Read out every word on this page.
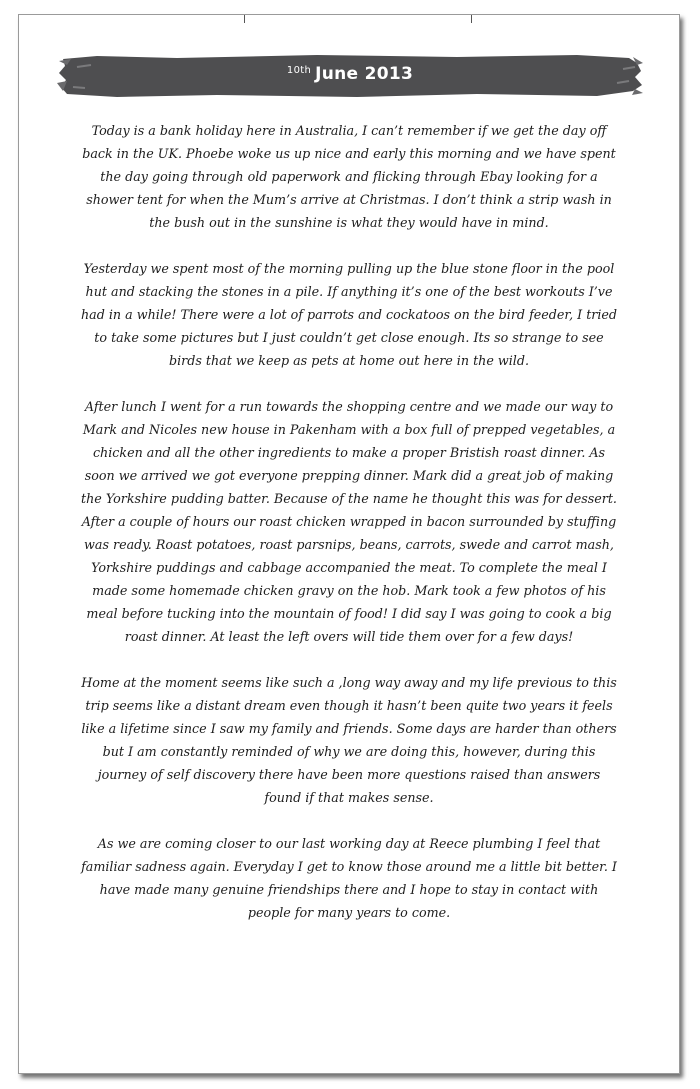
$^{10th}$ June 2013

Today is a bank holiday here in Australia, I can’t remember if we get the day off back in the UK. Phoebe woke us up nice and early this morning and we have spent the day going through old paperwork and flicking through Ebay looking for a shower tent for when the Mum’s arrive at Christmas. I don’t think a strip wash in the bush out in the sunshine is what they would have in mind.

Yesterday we spent most of the morning pulling up the blue stone floor in the pool hut and stacking the stones in a pile. If anything it’s one of the best workouts I’ve had in a while! There were a lot of parrots and cockatoos on the bird feeder, I tried to take some pictures but I just couldn’t get close enough. Its so strange to see birds that we keep as pets at home out here in the wild.

After lunch I went for a run towards the shopping centre and we made our way to Mark and Nicoles new house in Pakenham with a box full of prepped vegetables, a chicken and all the other ingredients to make a proper Bristish roast dinner. As soon we arrived we got everyone prepping dinner. Mark did a great job of making the Yorkshire pudding batter. Because of the name he thought this was for dessert. After a couple of hours our roast chicken wrapped in bacon surrounded by stuffing was ready. Roast potatoes, roast parsnips, beans, carrots, swede and carrot mash, Yorkshire puddings and cabbage accompanied the meat. To complete the meal I made some homemade chicken gravy on the hob. Mark took a few photos of his meal before tucking into the mountain of food! I did say I was going to cook a big roast dinner. At least the left overs will tide them over for a few days!

Home at the moment seems like such a ,long way away and my life previous to this trip seems like a distant dream even though it hasn’t been quite two years it feels like a lifetime since I saw my family and friends. Some days are harder than others but I am constantly reminded of why we are doing this, however, during this journey of self discovery there have been more questions raised than answers found if that makes sense.

As we are coming closer to our last working day at Reece plumbing I feel that familiar sadness again. Everyday I get to know those around me a little bit better. I have made many genuine friendships there and I hope to stay in contact with people for many years to come.
